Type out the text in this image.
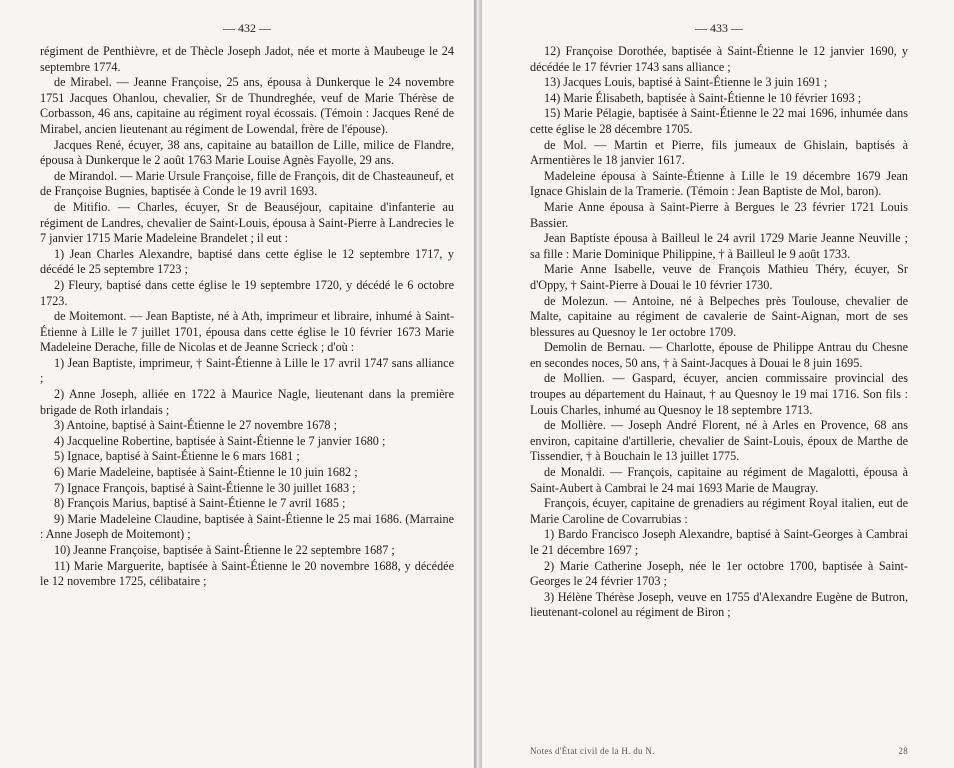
— 432 —

régiment de Penthièvre, et de Thècle Joseph Jadot, née et morte à Maubeuge le 24 septembre 1774.

de Mirabel. — Jeanne Françoise, 25 ans, épousa à Dunkerque le 24 novembre 1751 Jacques Ohanlou, chevalier, Sr de Thundreghée, veuf de Marie Thérèse de Corbasson, 46 ans, capitaine au régiment royal écossais. (Témoin : Jacques René de Mirabel, ancien lieutenant au régiment de Lowendal, frère de l'épouse).

Jacques René, écuyer, 38 ans, capitaine au bataillon de Lille, milice de Flandre, épousa à Dunkerque le 2 août 1763 Marie Louise Agnès Fayolle, 29 ans.

de Mirandol. — Marie Ursule Françoise, fille de François, dit de Chasteauneuf, et de Françoise Bugnies, baptisée à Conde le 19 avril 1693.

de Mitifio. — Charles, écuyer, Sr de Beauséjour, capitaine d'infanterie au régiment de Landres, chevalier de Saint-Louis, épousa à Saint-Pierre à Landrecies le 7 janvier 1715 Marie Madeleine Brandelet ; il eut :

1) Jean Charles Alexandre, baptisé dans cette église le 12 septembre 1717, y décédé le 25 septembre 1723 ;

2) Fleury, baptisé dans cette église le 19 septembre 1720, y décédé le 6 octobre 1723.

de Moitemont. — Jean Baptiste, né à Ath, imprimeur et libraire, inhumé à Saint-Étienne à Lille le 7 juillet 1701, épousa dans cette église le 10 février 1673 Marie Madeleine Derache, fille de Nicolas et de Jeanne Scrieck ; d'où :

1) Jean Baptiste, imprimeur, † Saint-Étienne à Lille le 17 avril 1747 sans alliance ;

2) Anne Joseph, alliée en 1722 à Maurice Nagle, lieutenant dans la première brigade de Roth irlandais ;

3) Antoine, baptisé à Saint-Étienne le 27 novembre 1678 ;

4) Jacqueline Robertine, baptisée à Saint-Étienne le 7 janvier 1680 ;

5) Ignace, baptisé à Saint-Étienne le 6 mars 1681 ;

6) Marie Madeleine, baptisée à Saint-Étienne le 10 juin 1682 ;

7) Ignace François, baptisé à Saint-Étienne le 30 juillet 1683 ;

8) François Marius, baptisé à Saint-Étienne le 7 avril 1685 ;

9) Marie Madeleine Claudine, baptisée à Saint-Étienne le 25 mai 1686. (Marraine : Anne Joseph de Moitemont) ;

10) Jeanne Françoise, baptisée à Saint-Étienne le 22 septembre 1687 ;

11) Marie Marguerite, baptisée à Saint-Étienne le 20 novembre 1688, y décédée le 12 novembre 1725, célibataire ;

— 433 —

12) Françoise Dorothée, baptisée à Saint-Étienne le 12 janvier 1690, y décédée le 17 février 1743 sans alliance ;

13) Jacques Louis, baptisé à Saint-Étienne le 3 juin 1691 ;

14) Marie Élisabeth, baptisée à Saint-Étienne le 10 février 1693 ;

15) Marie Pélagie, baptisée à Saint-Étienne le 22 mai 1696, inhumée dans cette église le 28 décembre 1705.

de Mol. — Martin et Pierre, fils jumeaux de Ghislain, baptisés à Armentières le 18 janvier 1617.

Madeleine épousa à Sainte-Étienne à Lille le 19 décembre 1679 Jean Ignace Ghislain de la Tramerie. (Témoin : Jean Baptiste de Mol, baron).

Marie Anne épousa à Saint-Pierre à Bergues le 23 février 1721 Louis Bassier.

Jean Baptiste épousa à Bailleul le 24 avril 1729 Marie Jeanne Neuville ; sa fille : Marie Dominique Philippine, † à Bailleul le 9 août 1733.

Marie Anne Isabelle, veuve de François Mathieu Théry, écuyer, Sr d'Oppy, † Saint-Pierre à Douai le 10 février 1730.

de Molezun. — Antoine, né à Belpeches près Toulouse, chevalier de Malte, capitaine au régiment de cavalerie de Saint-Aignan, mort de ses blessures au Quesnoy le 1er octobre 1709.

Demolin de Bernau. — Charlotte, épouse de Philippe Antrau du Chesne en secondes noces, 50 ans, † à Saint-Jacques à Douai le 8 juin 1695.

de Mollien. — Gaspard, écuyer, ancien commissaire provincial des troupes au département du Hainaut, † au Quesnoy le 19 mai 1716. Son fils : Louis Charles, inhumé au Quesnoy le 18 septembre 1713.

de Mollière. — Joseph André Florent, né à Arles en Provence, 68 ans environ, capitaine d'artillerie, chevalier de Saint-Louis, époux de Marthe de Tissendier, † à Bouchain le 13 juillet 1775.

de Monaldi. — François, capitaine au régiment de Magalotti, épousa à Saint-Aubert à Cambrai le 24 mai 1693 Marie de Maugray.

François, écuyer, capitaine de grenadiers au régiment Royal italien, eut de Marie Caroline de Covarrubias :

1) Bardo Francisco Joseph Alexandre, baptisé à Saint-Georges à Cambrai le 21 décembre 1697 ;

2) Marie Catherine Joseph, née le 1er octobre 1700, baptisée à Saint-Georges le 24 février 1703 ;

3) Hélène Thérèse Joseph, veuve en 1755 d'Alexandre Eugène de Butron, lieutenant-colonel au régiment de Biron ;

Notes d'État civil de la H. du N.	28
